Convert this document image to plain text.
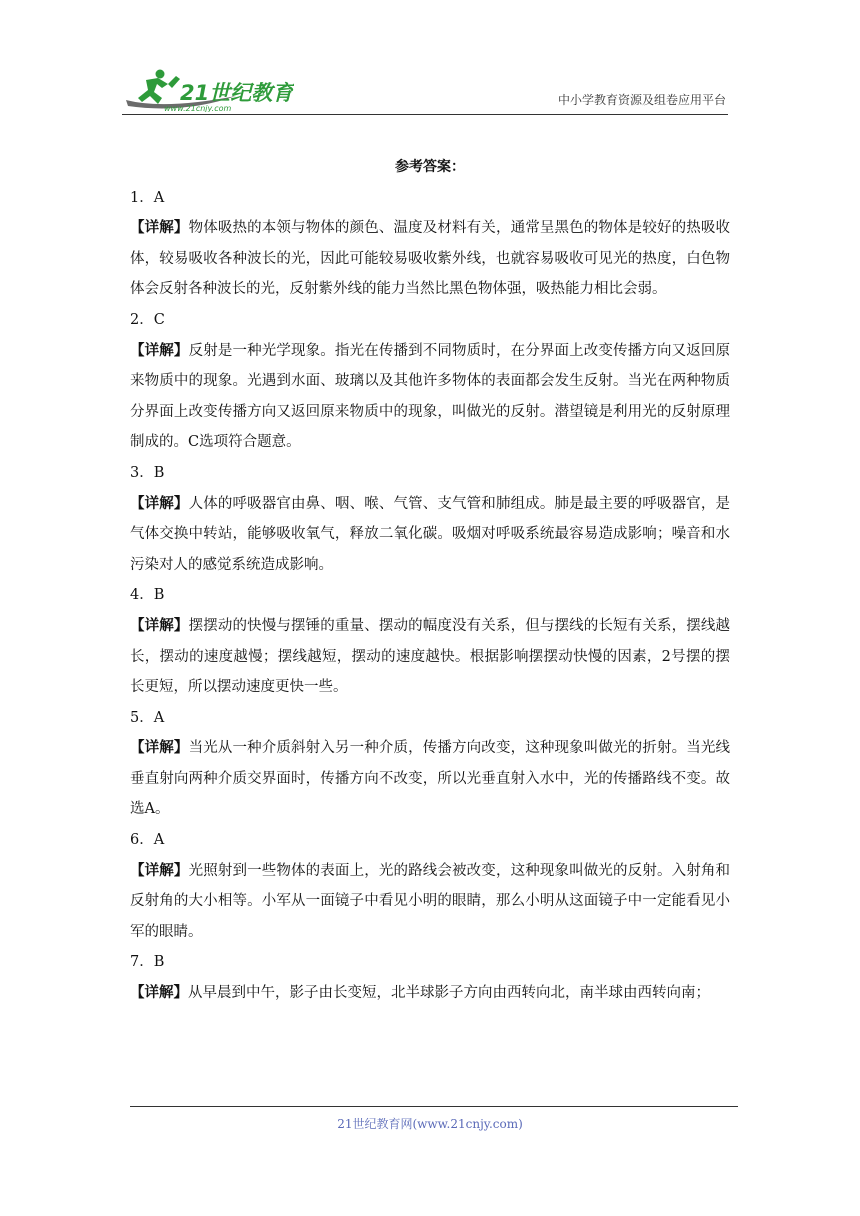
21世纪教育
www.21cnjy.com
中小学教育资源及组卷应用平台
参考答案：
1．A
【详解】物体吸热的本领与物体的颜色、温度及材料有关，通常呈黑色的物体是较好的热吸收体，较易吸收各种波长的光，因此可能较易吸收紫外线，也就容易吸收可见光的热度，白色物体会反射各种波长的光，反射紫外线的能力当然比黑色物体强，吸热能力相比会弱。
2．C
【详解】反射是一种光学现象。指光在传播到不同物质时，在分界面上改变传播方向又返回原来物质中的现象。光遇到水面、玻璃以及其他许多物体的表面都会发生反射。当光在两种物质分界面上改变传播方向又返回原来物质中的现象，叫做光的反射。潜望镜是利用光的反射原理制成的。C选项符合题意。
3．B
【详解】人体的呼吸器官由鼻、咽、喉、气管、支气管和肺组成。肺是最主要的呼吸器官，是气体交换中转站，能够吸收氧气，释放二氧化碳。吸烟对呼吸系统最容易造成影响；噪音和水污染对人的感觉系统造成影响。
4．B
【详解】摆摆动的快慢与摆锤的重量、摆动的幅度没有关系，但与摆线的长短有关系，摆线越长，摆动的速度越慢；摆线越短，摆动的速度越快。根据影响摆摆动快慢的因素，2号摆的摆长更短，所以摆动速度更快一些。
5．A
【详解】当光从一种介质斜射入另一种介质，传播方向改变，这种现象叫做光的折射。当光线垂直射向两种介质交界面时，传播方向不改变，所以光垂直射入水中，光的传播路线不变。故选A。
6．A
【详解】光照射到一些物体的表面上，光的路线会被改变，这种现象叫做光的反射。入射角和反射角的大小相等。小军从一面镜子中看见小明的眼睛，那么小明从这面镜子中一定能看见小军的眼睛。
7．B
【详解】从早晨到中午，影子由长变短，北半球影子方向由西转向北，南半球由西转向南；
21世纪教育网(www.21cnjy.com)
